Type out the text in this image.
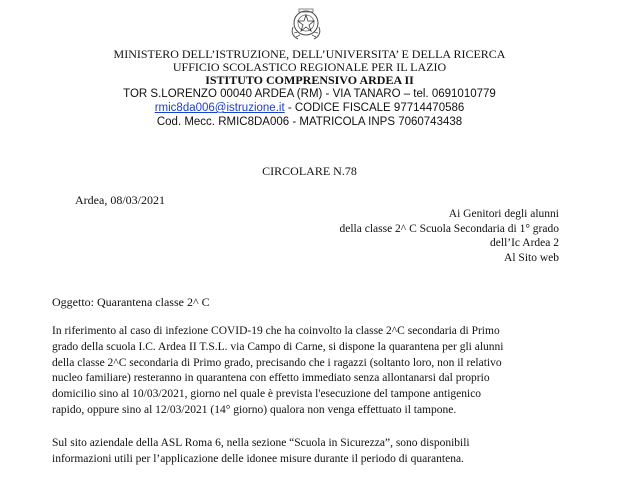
MINISTERO DELL’ISTRUZIONE, DELL’UNIVERSITA’ E DELLA RICERCA
UFFICIO SCOLASTICO REGIONALE PER IL LAZIO
ISTITUTO COMPRENSIVO ARDEA II
TOR S.LORENZO 00040 ARDEA (RM) - VIA TANARO – tel. 0691010779
rmic8da006@istruzione.it - CODICE FISCALE 97714470586
Cod. Mecc. RMIC8DA006 - MATRICOLA INPS 7060743438
CIRCOLARE N.78
Ardea, 08/03/2021
Ai Genitori degli alunni
della classe 2^ C Scuola Secondaria di 1° grado
dell’Ic Ardea 2
Al Sito web
Oggetto: Quarantena classe 2^ C
In riferimento al caso di infezione COVID-19 che ha coinvolto la classe 2^C secondaria di Primo
grado della scuola I.C. Ardea II T.S.L. via Campo di Carne, si dispone la quarantena per gli alunni
della classe 2^C secondaria di Primo grado, precisando che i ragazzi (soltanto loro, non il relativo
nucleo familiare) resteranno in quarantena con effetto immediato senza allontanarsi dal proprio
domicilio sino al 10/03/2021, giorno nel quale è prevista l'esecuzione del tampone antigenico
rapido, oppure sino al 12/03/2021 (14° giorno) qualora non venga effettuato il tampone.
Sul sito aziendale della ASL Roma 6, nella sezione “Scuola in Sicurezza”, sono disponibili
informazioni utili per l’applicazione delle idonee misure durante il periodo di quarantena.
